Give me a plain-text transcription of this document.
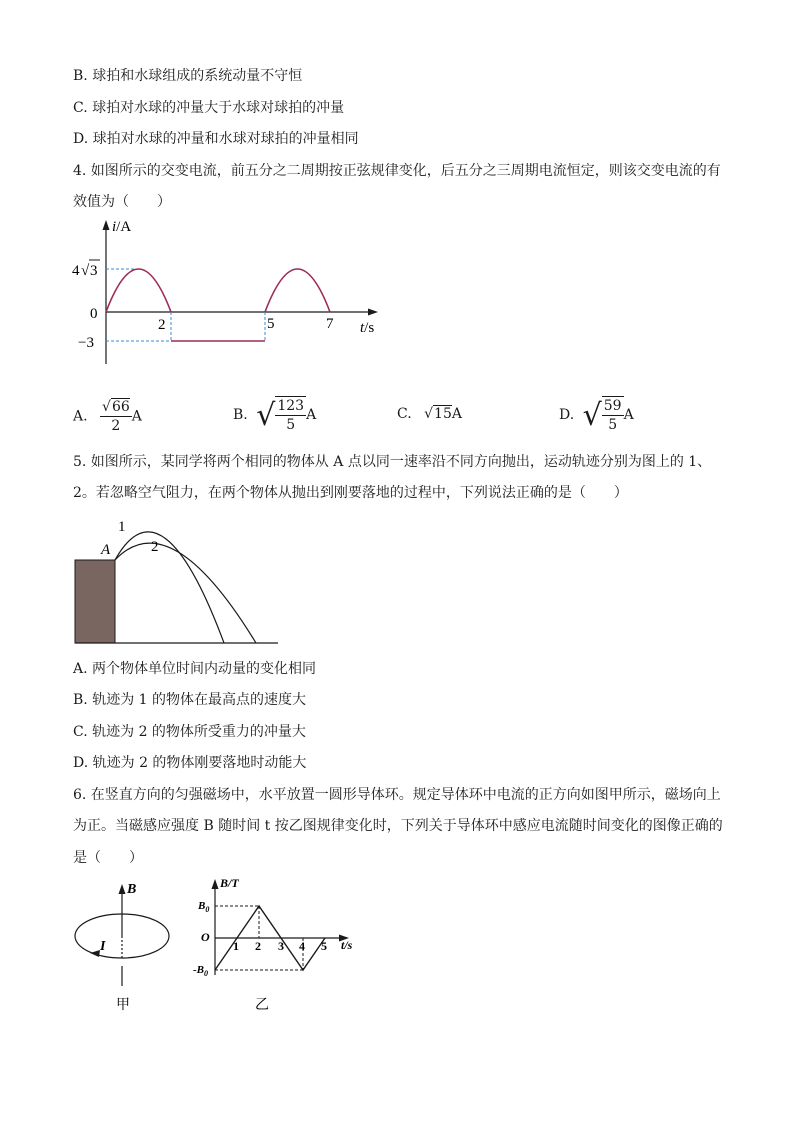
B. 球拍和水球组成的系统动量不守恒
C. 球拍对水球的冲量大于水球对球拍的冲量
D. 球拍对水球的冲量和水球对球拍的冲量相同
4. 如图所示的交变电流，前五分之二周期按正弦规律变化，后五分之三周期电流恒定，则该交变电流的有
效值为（　　）
i/A
4 √ 3
0
−3
2	5	7 t/s
A. $\frac{√66}{2}$ A	B. √ $\frac{123}{5}$ A	C. √15A	D. √ $\frac{59}{5}$ A
5. 如图所示，某同学将两个相同的物体从 A 点以同一速率沿不同方向抛出，运动轨迹分别为图上的 1、
2。若忽略空气阻力，在两个物体从抛出到刚要落地的过程中，下列说法正确的是（　　）
A
1
2
A. 两个物体单位时间内动量的变化相同
B. 轨迹为 1 的物体在最高点的速度大
C. 轨迹为 2 的物体所受重力的冲量大
D. 轨迹为 2 的物体刚要落地时动能大
6. 在竖直方向的匀强磁场中，水平放置一圆形导体环。规定导体环中电流的正方向如图甲所示，磁场向上
为正。当磁感应强度 B 随时间 t 按乙图规律变化时，下列关于导体环中感应电流随时间变化的图像正确的
是（　　）
B
I
甲
B/T
$B_0$
O
$-B_0$
1 2 3 4 5 t/s
乙
